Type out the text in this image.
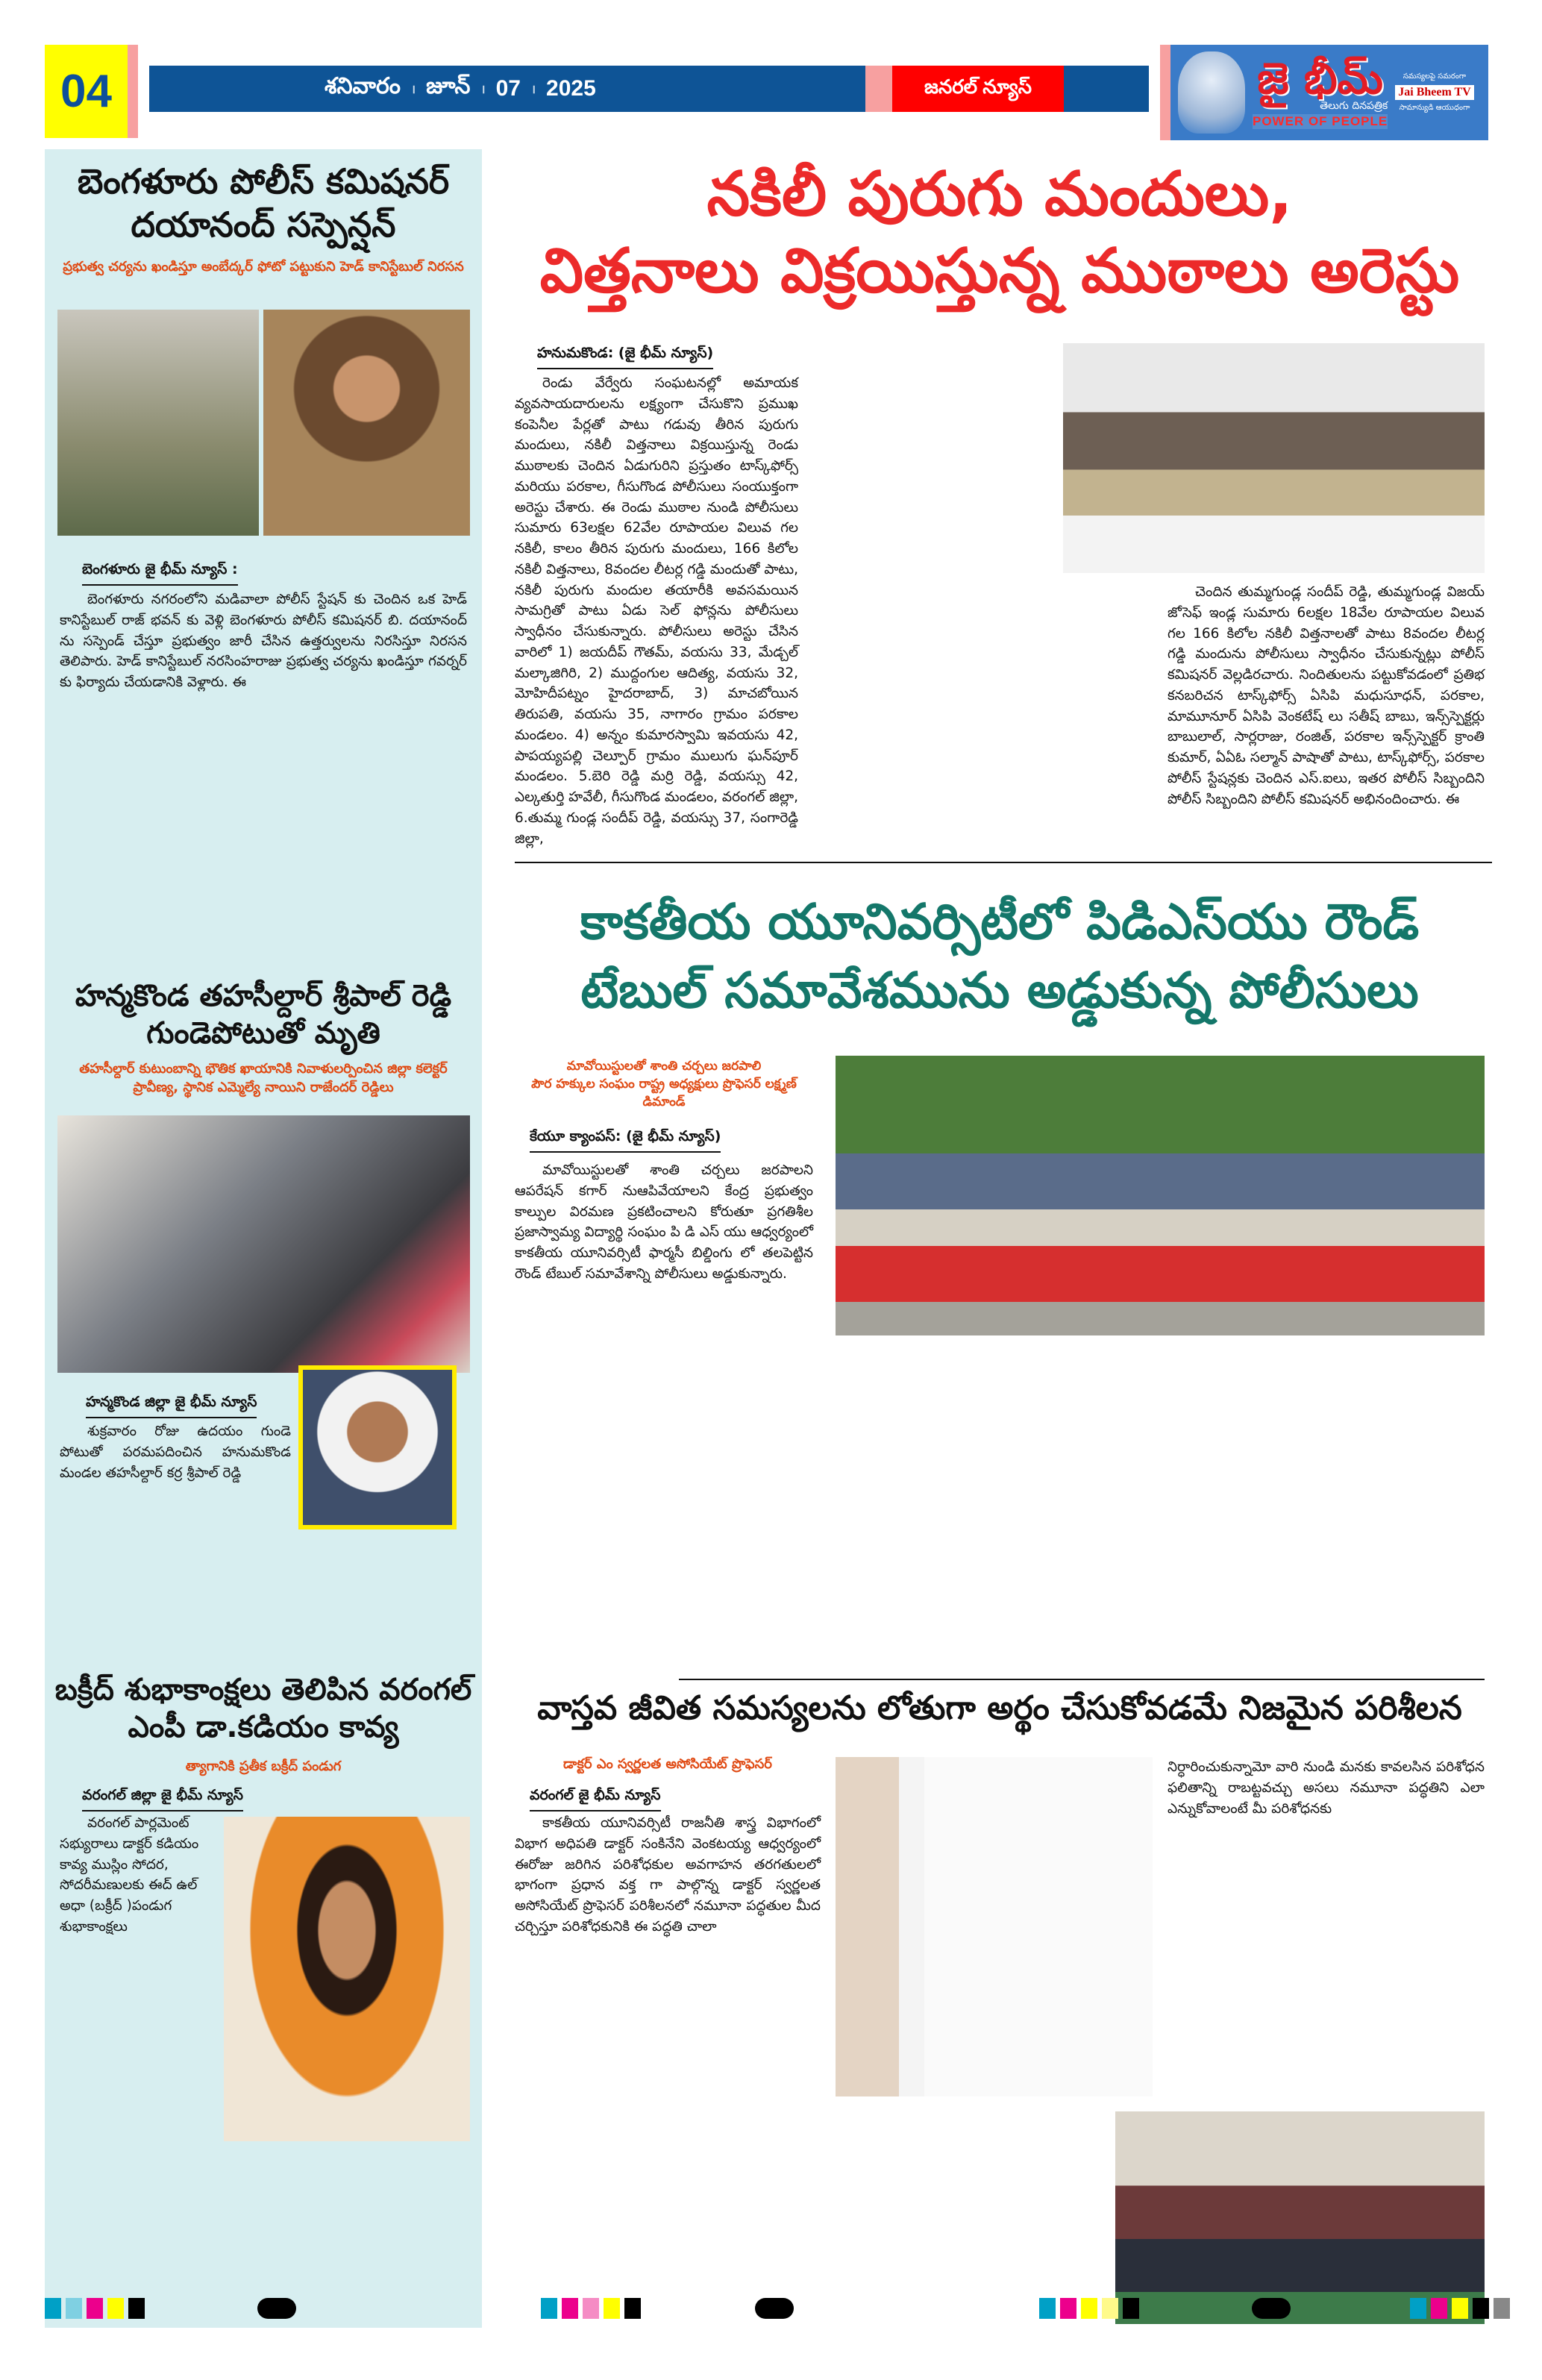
04	శనివారం । జూన్ । 07 । 2025	జనరల్ న్యూస్	జై భీమ్
తెలుగు దినపత్రిక
POWER OF PEOPLE
సమస్యలపై సమరంగా
Jai Bheem TV
సామాన్యుడి ఆయుధంగా
బెంగళూరు పోలీస్ కమిషనర్ దయానంద్ సస్పెన్షన్
ప్రభుత్వ చర్యను ఖండిస్తూ అంబేద్కర్ ఫోటో పట్టుకుని హెడ్ కానిస్టేబుల్ నిరసన
బెంగళూరు జై భీమ్ న్యూస్ :

బెంగళూరు నగరంలోని మడివాలా పోలీస్ స్టేషన్ కు చెందిన ఒక హెడ్ కానిస్టేబుల్ రాజ్ భవన్ కు వెళ్లి బెంగళూరు పోలీస్ కమిషనర్ బి. దయానంద్ ను సస్పెండ్ చేస్తూ ప్రభుత్వం జారీ చేసిన ఉత్తర్వులను నిరసిస్తూ నిరసన తెలిపారు. హెడ్ కానిస్టేబుల్ నరసింహరాజు ప్రభుత్వ చర్యను ఖండిస్తూ గవర్నర్ కు ఫిర్యాదు చేయడానికి వెళ్లారు. ఈ

హన్మకొండ తహసీల్దార్ శ్రీపాల్ రెడ్డి గుండెపోటుతో మృతి
తహసీల్దార్ కుటుంబాన్ని భౌతిక ఖాయానికి నివాళులర్పించిన జిల్లా కలెక్టర్ ప్రావీణ్య, స్థానిక ఎమ్మెల్యే నాయిని రాజేందర్ రెడ్డిలు
హన్మకొండ జిల్లా జై భీమ్ న్యూస్

శుక్రవారం రోజు ఉదయం గుండె పోటుతో పరమపదించిన హనుమకొండ మండల తహసీల్దార్ కర్ర శ్రీపాల్ రెడ్డి

బక్రీద్ శుభాకాంక్షలు తెలిపిన వరంగల్ ఎంపీ డా.కడియం కావ్య
త్యాగానికి ప్రతీక బక్రీద్ పండుగ
వరంగల్ జిల్లా జై భీమ్ న్యూస్

వరంగల్ పార్లమెంట్ సభ్యురాలు డాక్టర్ కడియం కావ్య ముస్లిం సోదర, సోదరీమణులకు ఈద్ ఉల్ అధా (బక్రీద్ )పండుగ శుభాకాంక్షలు

నకిలీ పురుగు మందులు,
విత్తనాలు విక్రయిస్తున్న ముఠాలు అరెస్టు
హనుమకొండ: (జై భీమ్ న్యూస్)

రెండు వేర్వేరు సంఘటనల్లో అమాయక వ్యవసాయదారులను లక్ష్యంగా చేసుకొని ప్రముఖ కంపెనీల పేర్లతో పాటు గడువు తీరిన పురుగు మందులు, నకిలీ విత్తనాలు విక్రయిస్తున్న రెండు ముఠాలకు చెందిన ఏడుగురిని ప్రస్తుతం టాస్క్‌ఫోర్స్ మరియు పరకాల, గీసుగొండ పోలీసులు సంయుక్తంగా అరెస్టు చేశారు. ఈ రెండు ముఠాల నుండి పోలీసులు సుమారు 63లక్షల 62వేల రూపాయల విలువ గల నకిలీ, కాలం తీరిన పురుగు మందులు, 166 కిలోల నకిలీ విత్తనాలు, 8వందల లీటర్ల గడ్డి మందుతో పాటు, నకిలీ పురుగు మందుల తయారీకి అవసమయిన సామగ్రితో పాటు ఏడు సెల్ ఫోన్లను పోలీసులు స్వాధీనం చేసుకున్నారు. పోలీసులు అరెస్టు చేసిన వారిలో 1) జయదీప్ గౌతమ్, వయసు 33, మేడ్చల్ మల్కాజిగిరి, 2) ముద్దంగుల ఆదిత్య, వయసు 32, మోహిదీపట్నం హైదరాబాద్, 3) మాచబోయిన తిరుపతి, వయసు 35, నాగారం గ్రామం పరకాల మండలం. 4) అన్నం కుమారస్వామి ఇవయసు 42, పాపయ్యపల్లి చెల్పూర్ గ్రామం ములుగు ఘన్‌పూర్ మండలం. 5.బెరి రెడ్డి మర్రి రెడ్డి, వయస్సు 42, ఎల్కతుర్తి హవేలీ, గీసుగొండ మండలం, వరంగల్ జిల్లా, 6.తుమ్మ గుండ్ల సందీప్ రెడ్డి, వయస్సు 37, సంగారెడ్డి జిల్లా,

చెందిన తుమ్మగుండ్ల సందీప్ రెడ్డి, తుమ్మగుండ్ల విజయ్ జోసెఫ్ ఇండ్ల సుమారు 6లక్షల 18వేల రూపాయల విలువ గల 166 కిలోల నకిలీ విత్తనాలతో పాటు 8వందల లీటర్ల గడ్డి మందును పోలీసులు స్వాధీనం చేసుకున్నట్లు పోలీస్ కమిషనర్ వెల్లడిరచారు. నిందితులను పట్టుకోవడంలో ప్రతిభ కనబరిచన టాస్క్‌ఫోర్స్ ఏసిపి మధుసూధన్, పరకాల, మామూనూర్ ఏసిపి వెంకటేష్ లు సతీష్ బాబు, ఇన్స్‌స్పెక్టర్లు బాబులాల్, సార్లరాజు, రంజిత్, పరకాల ఇన్స్‌స్పెక్టర్ క్రాంతి కుమార్, ఏఏఓ సల్మాన్ పాషాతో పాటు, టాస్క్‌ఫోర్స్, పరకాల పోలీస్ స్టేషన్లకు చెందిన ఎస్.ఐలు, ఇతర పోలీస్ సిబ్బందిని పోలీస్ సిబ్బందిని పోలీస్ కమిషనర్ అభినందించారు. ఈ

కాకతీయ యూనివర్సిటీలో పిడిఎస్‌యు రౌండ్
టేబుల్ సమావేశమును అడ్డుకున్న పోలీసులు
మావోయిస్టులతో శాంతి చర్చలు జరపాలి
పౌర హక్కుల సంఘం రాష్ట్ర అధ్యక్షులు ప్రొఫెసర్ లక్ష్మణ్ డిమాండ్
కేయూ క్యాంపస్: (జై భీమ్ న్యూస్)

మావోయిస్టులతో శాంతి చర్చలు జరపాలని ఆపరేషన్ కగార్ నుఆపివేయాలని కేంద్ర ప్రభుత్వం కాల్పుల విరమణ ప్రకటించాలని కోరుతూ ప్రగతిశీల ప్రజాస్వామ్య విద్యార్థి సంఘం పి డి ఎస్ యు ఆధ్వర్యంలో కాకతీయ యూనివర్సిటీ ఫార్మసీ బిల్డింగు లో తలపెట్టిన రౌండ్ టేబుల్ సమావేశాన్ని పోలీసులు అడ్డుకున్నారు.

వాస్తవ జీవిత సమస్యలను లోతుగా అర్థం చేసుకోవడమే నిజమైన పరిశీలన
డాక్టర్ ఎం స్వర్ణలత అసోసియేట్ ప్రొఫెసర్
వరంగల్ జై భీమ్ న్యూస్

కాకతీయ యూనివర్సిటీ రాజనీతి శాస్త్ర విభాగంలో విభాగ అధిపతి డాక్టర్ సంకినేని వెంకటయ్య ఆధ్వర్యంలో ఈరోజు జరిగిన పరిశోధకుల అవగాహన తరగతులలో భాగంగా ప్రధాన వక్త గా పాల్గొన్న డాక్టర్ స్వర్ణలత అసోసియేట్ ప్రొఫెసర్ పరిశీలనలో నమూనా పద్ధతుల మీద చర్చిస్తూ పరిశోధకునికి ఈ పద్ధతి చాలా

నిర్ధారించుకున్నామో వారి నుండి మనకు కావలసిన పరిశోధన ఫలితాన్ని రాబట్టవచ్చు అసలు నమూనా పద్ధతిని ఎలా ఎన్నుకోవాలంటే మీ పరిశోధనకు
